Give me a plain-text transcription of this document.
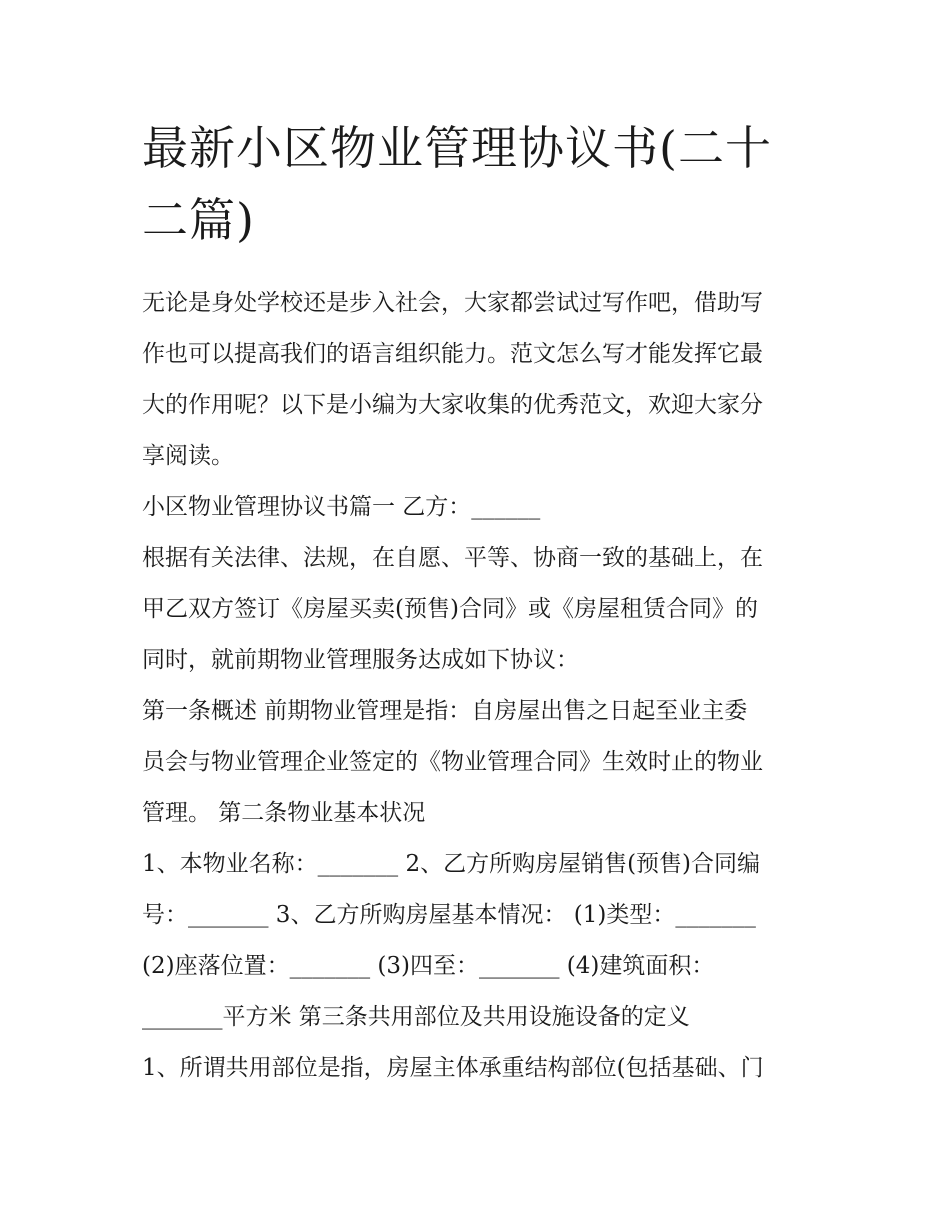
最新小区物业管理协议书(二十
二篇)

无论是身处学校还是步入社会，大家都尝试过写作吧，借助写
作也可以提高我们的语言组织能力。范文怎么写才能发挥它最
大的作用呢？以下是小编为大家收集的优秀范文，欢迎大家分
享阅读。

小区物业管理协议书篇一 乙方：______

根据有关法律、法规，在自愿、平等、协商一致的基础上，在
甲乙双方签订《房屋买卖(预售)合同》或《房屋租赁合同》的
同时，就前期物业管理服务达成如下协议：

第一条概述 前期物业管理是指：自房屋出售之日起至业主委
员会与物业管理企业签定的《物业管理合同》生效时止的物业
管理。 第二条物业基本状况

1、本物业名称：_______ 2、乙方所购房屋销售(预售)合同编
号：_______ 3、乙方所购房屋基本情况： (1)类型：_______
(2)座落位置：_______ (3)四至：_______ (4)建筑面积：
_______平方米 第三条共用部位及共用设施设备的定义

1、所谓共用部位是指，房屋主体承重结构部位(包括基础、门
